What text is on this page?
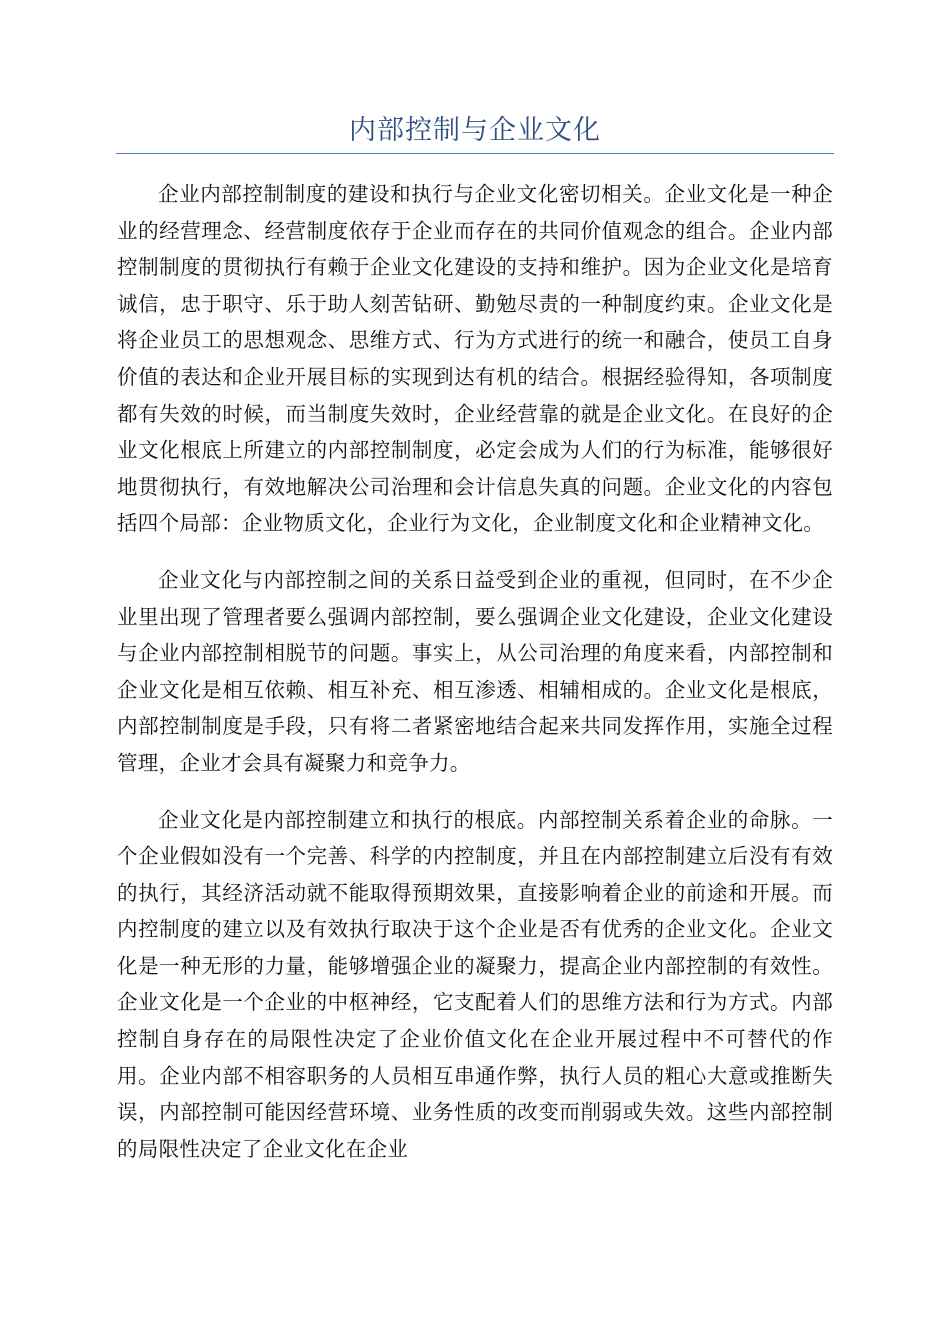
内部控制与企业文化

企业内部控制制度的建设和执行与企业文化密切相关。企业文化是一种企业的经营理念、经营制度依存于企业而存在的共同价值观念的组合。企业内部控制制度的贯彻执行有赖于企业文化建设的支持和维护。因为企业文化是培育诚信，忠于职守、乐于助人刻苦钻研、勤勉尽责的一种制度约束。企业文化是将企业员工的思想观念、思维方式、行为方式进行的统一和融合，使员工自身价值的表达和企业开展目标的实现到达有机的结合。根据经验得知，各项制度都有失效的时候，而当制度失效时，企业经营靠的就是企业文化。在良好的企业文化根底上所建立的内部控制制度，必定会成为人们的行为标准，能够很好地贯彻执行，有效地解决公司治理和会计信息失真的问题。企业文化的内容包括四个局部：企业物质文化，企业行为文化，企业制度文化和企业精神文化。

企业文化与内部控制之间的关系日益受到企业的重视，但同时，在不少企业里出现了管理者要么强调内部控制，要么强调企业文化建设，企业文化建设与企业内部控制相脱节的问题。事实上，从公司治理的角度来看，内部控制和企业文化是相互依赖、相互补充、相互渗透、相辅相成的。企业文化是根底，内部控制制度是手段，只有将二者紧密地结合起来共同发挥作用，实施全过程管理，企业才会具有凝聚力和竞争力。

企业文化是内部控制建立和执行的根底。内部控制关系着企业的命脉。一个企业假如没有一个完善、科学的内控制度，并且在内部控制建立后没有有效的执行，其经济活动就不能取得预期效果，直接影响着企业的前途和开展。而内控制度的建立以及有效执行取决于这个企业是否有优秀的企业文化。企业文化是一种无形的力量，能够增强企业的凝聚力，提高企业内部控制的有效性。企业文化是一个企业的中枢神经，它支配着人们的思维方法和行为方式。内部控制自身存在的局限性决定了企业价值文化在企业开展过程中不可替代的作用。企业内部不相容职务的人员相互串通作弊，执行人员的粗心大意或推断失误，内部控制可能因经营环境、业务性质的改变而削弱或失效。这些内部控制的局限性决定了企业文化在企业
